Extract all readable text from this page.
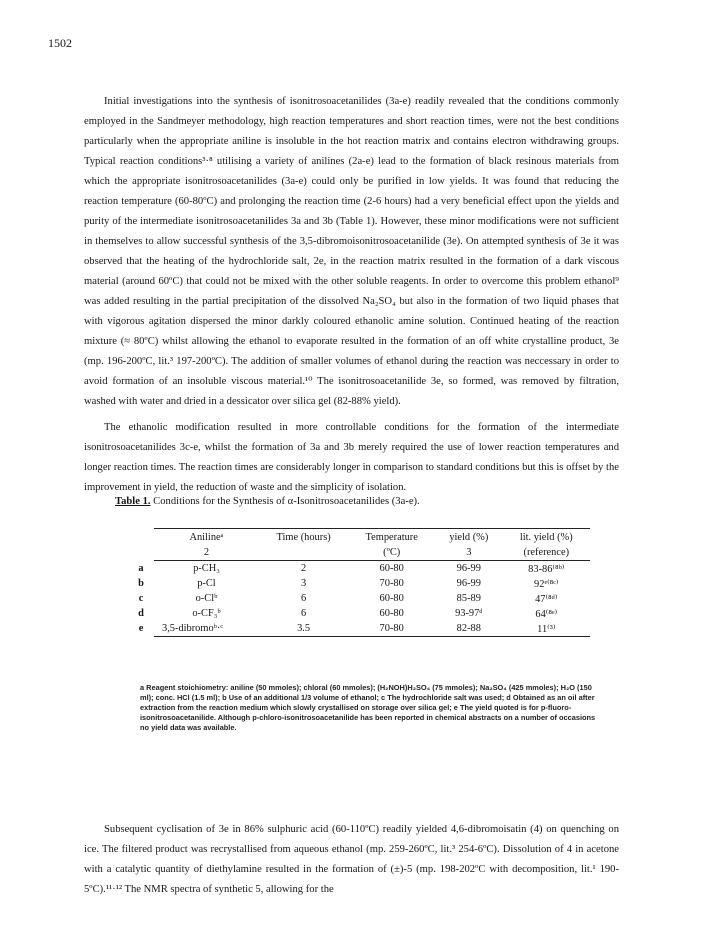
1502

Initial investigations into the synthesis of isonitrosoacetanilides (3a-e) readily revealed that the conditions commonly employed in the Sandmeyer methodology, high reaction temperatures and short reaction times, were not the best conditions particularly when the appropriate aniline is insoluble in the hot reaction matrix and contains electron withdrawing groups. Typical reaction conditions³·⁸ utilising a variety of anilines (2a-e) lead to the formation of black resinous materials from which the appropriate isonitrosoacetanilides (3a-e) could only be purified in low yields. It was found that reducing the reaction temperature (60-80ºC) and prolonging the reaction time (2-6 hours) had a very beneficial effect upon the yields and purity of the intermediate isonitrosoacetanilides 3a and 3b (Table 1). However, these minor modifications were not sufficient in themselves to allow successful synthesis of the 3,5-dibromoisonitrosoacetanilide (3e). On attempted synthesis of 3e it was observed that the heating of the hydrochloride salt, 2e, in the reaction matrix resulted in the formation of a dark viscous material (around 60ºC) that could not be mixed with the other soluble reagents. In order to overcome this problem ethanol⁹ was added resulting in the partial precipitation of the dissolved Na₂SO₄ but also in the formation of two liquid phases that with vigorous agitation dispersed the minor darkly coloured ethanolic amine solution. Continued heating of the reaction mixture (≈ 80ºC) whilst allowing the ethanol to evaporate resulted in the formation of an off white crystalline product, 3e (mp. 196-200ºC, lit.³ 197-200ºC). The addition of smaller volumes of ethanol during the reaction was neccessary in order to avoid formation of an insoluble viscous material.¹⁰ The isonitrosoacetanilide 3e, so formed, was removed by filtration, washed with water and dried in a dessicator over silica gel (82-88% yield).

The ethanolic modification resulted in more controllable conditions for the formation of the intermediate isonitrosoacetanilides 3c-e, whilst the formation of 3a and 3b merely required the use of lower reaction temperatures and longer reaction times. The reaction times are considerably longer in comparison to standard conditions but this is offset by the improvement in yield, the reduction of waste and the simplicity of isolation.

Table 1. Conditions for the Synthesis of α-Isonitrosoacetanilides (3a-e).
	Anilineᵃ	Time (hours)	Temperature	yield (%)	lit. yield (%)
	2		(ºC)	3	(reference)
a	p-CH₃	2	60-80	96-99	83-86⁽⁸ᵇ⁾
b	p-Cl	3	70-80	96-99	92ᵉ⁽⁸ᶜ⁾
c	o-Clᵇ	6	60-80	85-89	47⁽⁸ᵈ⁾
d	o-CF₃ᵇ	6	60-80	93-97ᵈ	64⁽⁸ᵉ⁾
e	3,5-dibromoᵇ·ᶜ	3.5	70-80	82-88	11⁽³⁾
a Reagent stoichiometry: aniline (50 mmoles); chloral (60 mmoles); (H₂NOH)H₂SO₄ (75 mmoles); Na₂SO₄ (425 mmoles); H₂O (150 ml); conc. HCl (1.5 ml); b Use of an additional 1/3 volume of ethanol; c The hydrochloride salt was used; d Obtained as an oil after extraction from the reaction medium which slowly crystallised on storage over silica gel; e The yield quoted is for p-fluoro-isonitrosoacetanilide. Although p-chloro-isonitrosoacetanilide has been reported in chemical abstracts on a number of occasions no yield data was available.

Subsequent cyclisation of 3e in 86% sulphuric acid (60-110ºC) readily yielded 4,6-dibromoisatin (4) on quenching on ice. The filtered product was recrystallised from aqueous ethanol (mp. 259-260ºC, lit.³ 254-6ºC). Dissolution of 4 in acetone with a catalytic quantity of diethylamine resulted in the formation of (±)-5 (mp. 198-202ºC with decomposition, lit.¹ 190-5ºC).¹¹·¹² The NMR spectra of synthetic 5, allowing for the
